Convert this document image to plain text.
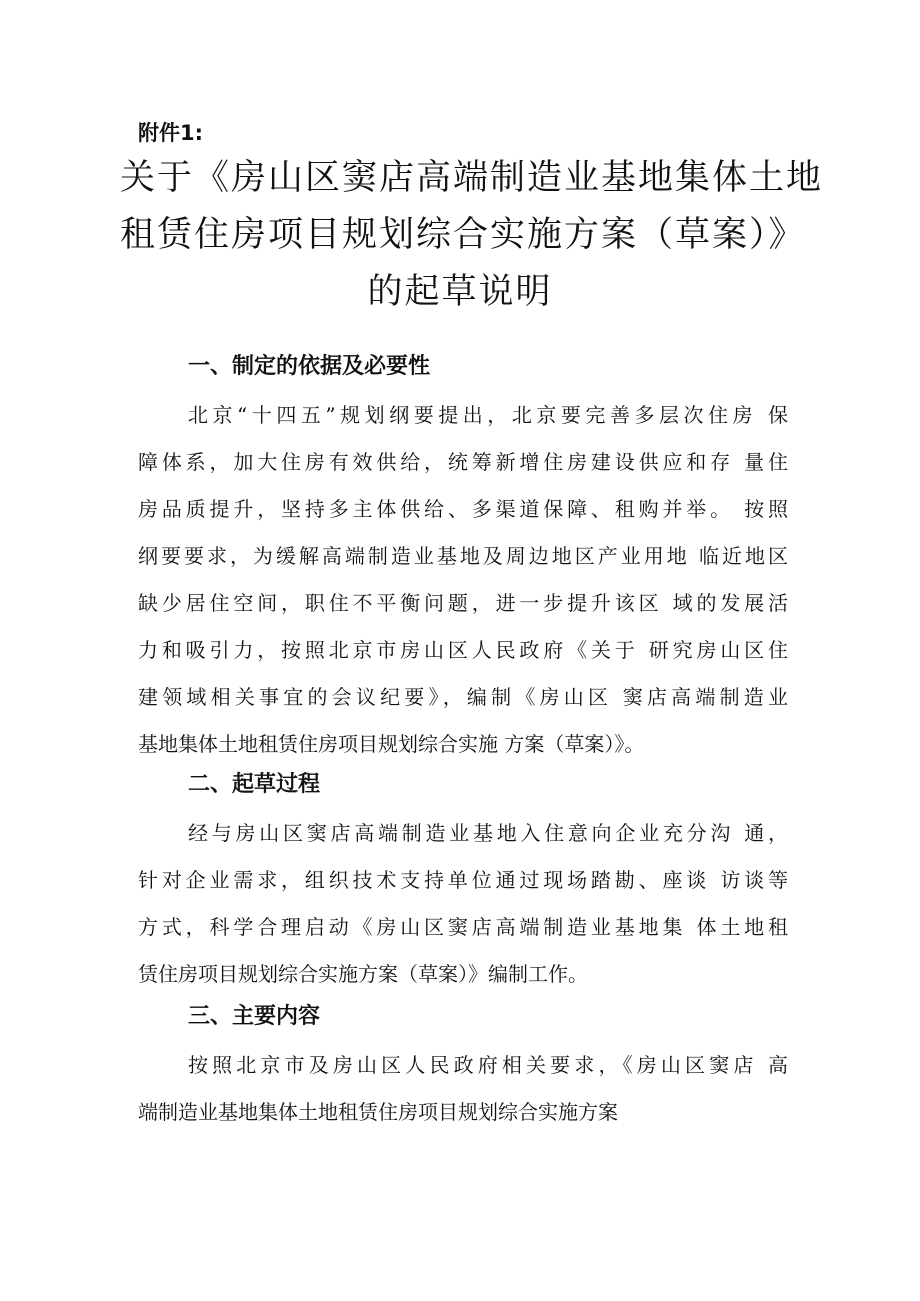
附件1:

关于《房山区窦店高端制造业基地集体土地
租赁住房项目规划综合实施方案（草案）》
的起草说明
一、制定的依据及必要性
北京“十四五”规划纲要提出，北京要完善多层次住房 保
障体系，加大住房有效供给，统筹新增住房建设供应和存 量住
房品质提升，坚持多主体供给、多渠道保障、租购并举。 按照
纲要要求，为缓解高端制造业基地及周边地区产业用地 临近地区
缺少居住空间，职住不平衡问题，进一步提升该区 域的发展活
力和吸引力，按照北京市房山区人民政府《关于 研究房山区住
建领域相关事宜的会议纪要》，编制《房山区 窦店高端制造业
基地集体土地租赁住房项目规划综合实施 方案（草案）》。
二、起草过程
经与房山区窦店高端制造业基地入住意向企业充分沟 通，
针对企业需求，组织技术支持单位通过现场踏勘、座谈 访谈等
方式，科学合理启动《房山区窦店高端制造业基地集 体土地租
赁住房项目规划综合实施方案（草案）》编制工作。
三、主要内容
按照北京市及房山区人民政府相关要求，《房山区窦店 高
端制造业基地集体土地租赁住房项目规划综合实施方案
